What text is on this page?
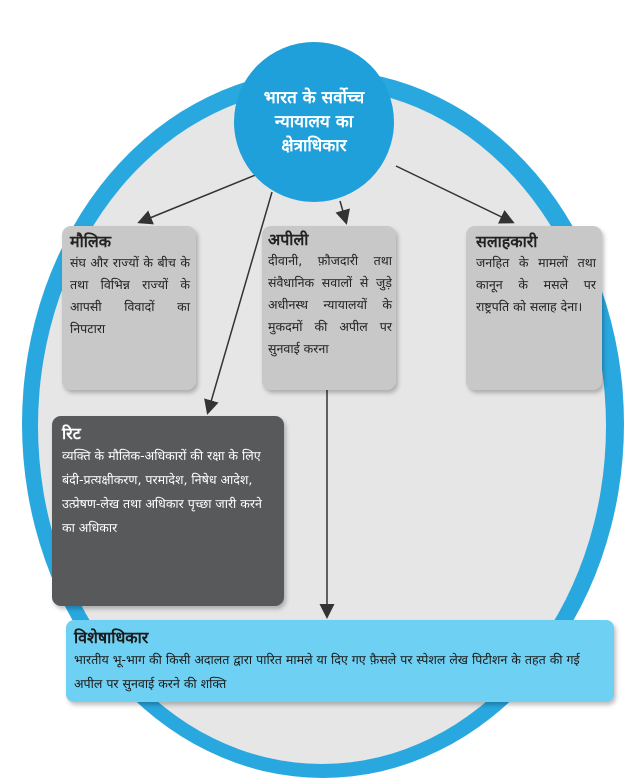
भारत के सर्वोच्च न्यायालय का क्षेत्राधिकार
मौलिक
संघ और राज्यों के बीच के तथा विभिन्न राज्यों के आपसी विवादों का निपटारा
अपीली
दीवानी, फ़ौजदारी तथा संवैधानिक सवालों से जुड़े अधीनस्थ न्यायालयों के मुकदमों की अपील पर सुनवाई करना
सलाहकारी
जनहित के मामलों तथा कानून के मसले पर राष्ट्रपति को सलाह देना।
रिट
व्यक्ति के मौलिक-अधिकारों की रक्षा के लिए बंदी-प्रत्यक्षीकरण, परमादेश, निषेध आदेश, उत्प्रेषण-लेख तथा अधिकार पृच्छा जारी करने का अधिकार
विशेषाधिकार
भारतीय भू-भाग की किसी अदालत द्वारा पारित मामले या दिए गए फ़ैसले पर स्पेशल लेख पिटीशन के तहत की गई अपील पर सुनवाई करने की शक्ति
